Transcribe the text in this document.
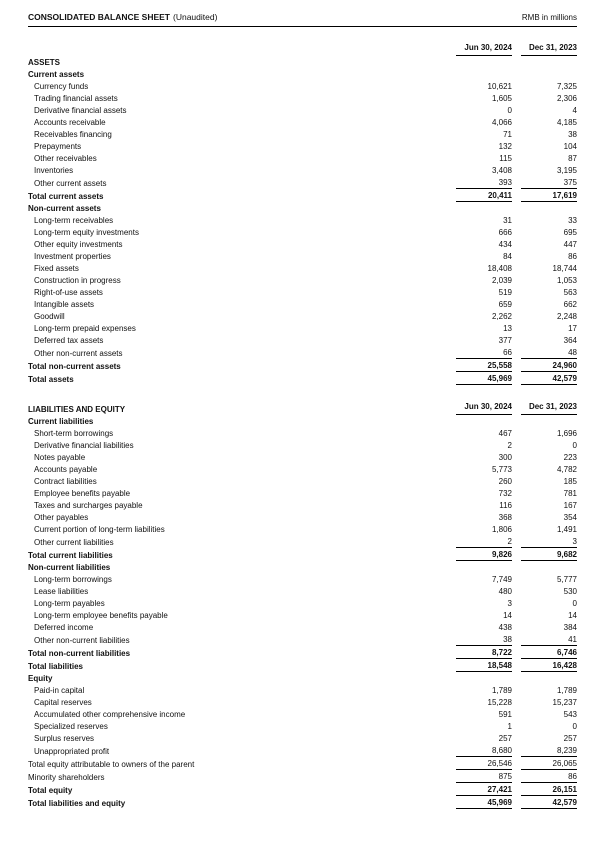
CONSOLIDATED BALANCE SHEET (Unaudited)	RMB in millions
	Jun 30, 2024		Dec 31, 2023
ASSETS			
Current assets			
Currency funds	10,621		7,325
Trading financial assets	1,605		2,306
Derivative financial assets	0		4
Accounts receivable	4,066		4,185
Receivables financing	71		38
Prepayments	132		104
Other receivables	115		87
Inventories	3,408		3,195
Other current assets	393		375
Total current assets	20,411		17,619
Non-current assets			
Long-term receivables	31		33
Long-term equity investments	666		695
Other equity investments	434		447
Investment properties	84		86
Fixed assets	18,408		18,744
Construction in progress	2,039		1,053
Right-of-use assets	519		563
Intangible assets	659		662
Goodwill	2,262		2,248
Long-term prepaid expenses	13		17
Deferred tax assets	377		364
Other non-current assets	66		48
Total non-current assets	25,558		24,960
Total assets	45,969		42,579

LIABILITIES AND EQUITY	Jun 30, 2024		Dec 31, 2023
Current liabilities			
Short-term borrowings	467		1,696
Derivative financial liabilities	2		0
Notes payable	300		223
Accounts payable	5,773		4,782
Contract liabilities	260		185
Employee benefits payable	732		781
Taxes and surcharges payable	116		167
Other payables	368		354
Current portion of long-term liabilities	1,806		1,491
Other current liabilities	2		3
Total current liabilities	9,826		9,682
Non-current liabilities			
Long-term borrowings	7,749		5,777
Lease liabilities	480		530
Long-term payables	3		0
Long-term employee benefits payable	14		14
Deferred income	438		384
Other non-current liabilities	38		41
Total non-current liabilities	8,722		6,746
Total liabilities	18,548		16,428
Equity			
Paid-in capital	1,789		1,789
Capital reserves	15,228		15,237
Accumulated other comprehensive income	591		543
Specialized reserves	1		0
Surplus reserves	257		257
Unappropriated profit	8,680		8,239
Total equity attributable to owners of the parent	26,546		26,065
Minority shareholders	875		86
Total equity	27,421		26,151
Total liabilities and equity	45,969		42,579
